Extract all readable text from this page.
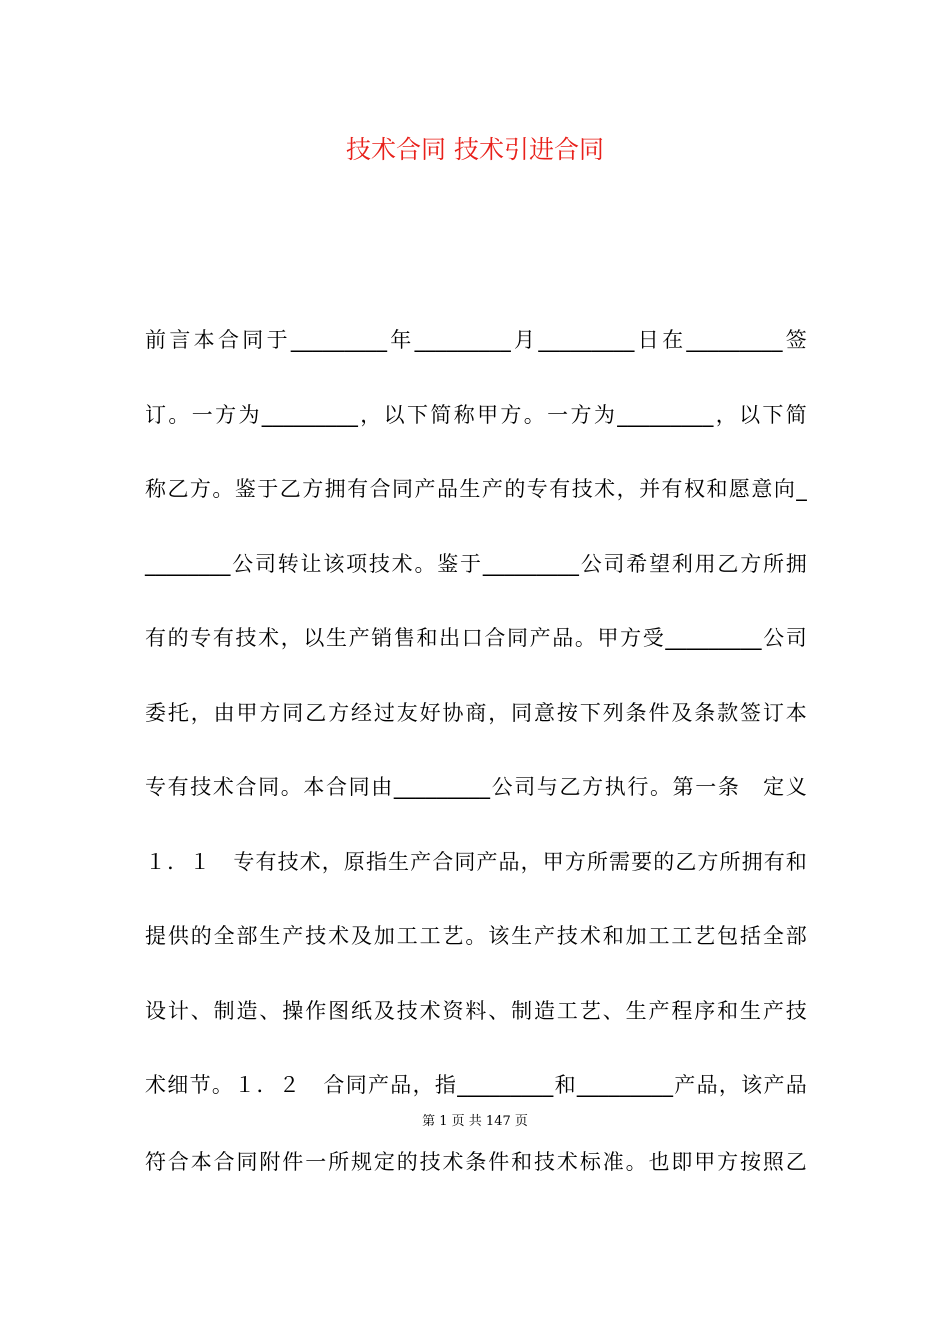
技术合同 技术引进合同
前言本合同于_________年_________月_________日在_________签
订。一方为_________，以下简称甲方。一方为_________，以下简
称乙方。鉴于乙方拥有合同产品生产的专有技术，并有权和愿意向_
________公司转让该项技术。鉴于_________公司希望利用乙方所拥
有的专有技术，以生产销售和出口合同产品。甲方受_________公司
委托，由甲方同乙方经过友好协商，同意按下列条件及条款签订本
专有技术合同。本合同由_________公司与乙方执行。第一条　定义
１．１　专有技术，原指生产合同产品，甲方所需要的乙方所拥有和
提供的全部生产技术及加工工艺。该生产技术和加工工艺包括全部
设计、制造、操作图纸及技术资料、制造工艺、生产程序和生产技
术细节。１．２　合同产品，指_________和_________产品，该产品
第 1 页 共 147 页
符合本合同附件一所规定的技术条件和技术标准。也即甲方按照乙
